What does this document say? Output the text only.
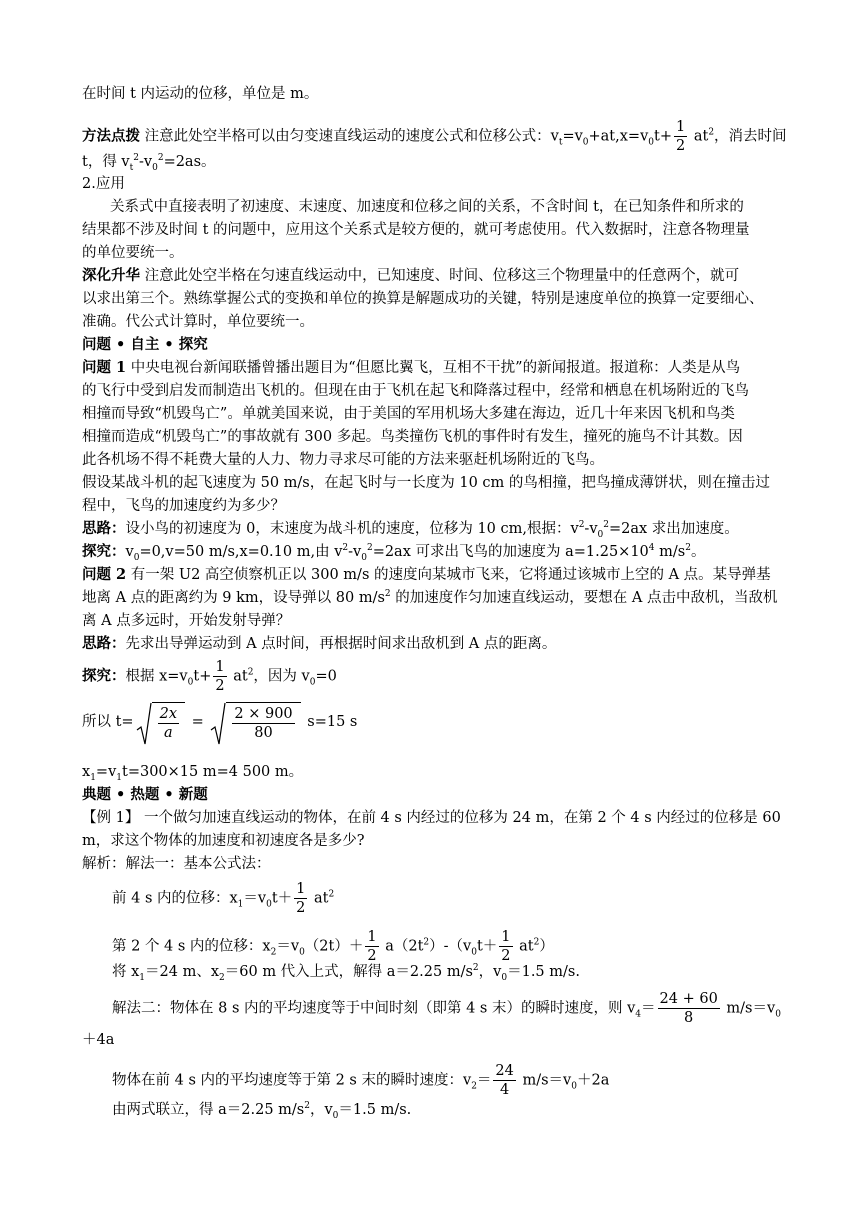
在时间 t 内运动的位移，单位是 m。
方法点拨 注意此处空半格可以由匀变速直线运动的速度公式和位移公式：$v_t=v_0+at,x=v_0t+ \frac{1}{2} at^2$，消去时间
t，得 $v_t^2-v_0^2=2as$。
2.应用
关系式中直接表明了初速度、末速度、加速度和位移之间的关系，不含时间 t，在已知条件和所求的
结果都不涉及时间 t 的问题中，应用这个关系式是较方便的，就可考虑使用。代入数据时，注意各物理量
的单位要统一。
深化升华 注意此处空半格在匀速直线运动中，已知速度、时间、位移这三个物理量中的任意两个，就可
以求出第三个。熟练掌握公式的变换和单位的换算是解题成功的关键，特别是速度单位的换算一定要细心、
准确。代公式计算时，单位要统一。
问题 • 自主 • 探究
问题 1 中央电视台新闻联播曾播出题目为“但愿比翼飞，互相不干扰”的新闻报道。报道称：人类是从鸟
的飞行中受到启发而制造出飞机的。但现在由于飞机在起飞和降落过程中，经常和栖息在机场附近的飞鸟
相撞而导致“机毁鸟亡”。单就美国来说，由于美国的军用机场大多建在海边，近几十年来因飞机和鸟类
相撞而造成“机毁鸟亡”的事故就有 300 多起。鸟类撞伤飞机的事件时有发生，撞死的施鸟不计其数。因
此各机场不得不耗费大量的人力、物力寻求尽可能的方法来驱赶机场附近的飞鸟。
假设某战斗机的起飞速度为 50 m/s，在起飞时与一长度为 10 cm 的鸟相撞，把鸟撞成薄饼状，则在撞击过
程中，飞鸟的加速度约为多少？
思路：设小鸟的初速度为 0，末速度为战斗机的速度，位移为 10 cm,根据：$v^2-v_0^2=2ax$ 求出加速度。
探究：$v_0=0,v=50$ m/s,x=0.10 m,由 $v^2-v_0^2=2ax$ 可求出飞鸟的加速度为 $a=1.25\times 10^4$ $m/s^2$。
问题 2 有一架 U2 高空侦察机正以 300 m/s 的速度向某城市飞来，它将通过该城市上空的 A 点。某导弹基
地离 A 点的距离约为 9 km，设导弹以 80 $m/s^2$ 的加速度作匀加速直线运动，要想在 A 点击中敌机，当敌机
离 A 点多远时，开始发射导弹？
思路：先求出导弹运动到 A 点时间，再根据时间求出敌机到 A 点的距离。
探究：根据 $x=v_0t+ \frac{1}{2} at^2$，因为 $v_0=0$
所以 $t= \frac{2x}{a} = \frac{2 \times 900}{80} s=15$ s
$x_1=v_1t=300\times 15$ m=4 500 m。
典题 • 热题 • 新题
【例 1】 一个做匀加速直线运动的物体，在前 4 s 内经过的位移为 24 m，在第 2 个 4 s 内经过的位移是 60
m，求这个物体的加速度和初速度各是多少?
解析：解法一：基本公式法：
前 4 s 内的位移：$x_1=v_0t+ \frac{1}{2} at^2$
第 2 个 4 s 内的位移：$x_2=v_0(2t)+ \frac{1}{2} a(2t^2)-(v_0t+ \frac{1}{2} at^2)$
将 $x_1=24$ m、$x_2=60$ m 代入上式，解得 a＝2.25 $m/s^2$，$v_0=1.5$ m/s.
解法二：物体在 8 s 内的平均速度等于中间时刻（即第 4 s 末）的瞬时速度，则 $v_4= \frac{24 + 60}{8} m/s=v_0$
＋4a
物体在前 4 s 内的平均速度等于第 2 s 末的瞬时速度：$v_2= \frac{24}{4} m/s=v_0+2a$
由两式联立，得 a＝2.25 $m/s^2$，$v_0=1.5$ m/s.
